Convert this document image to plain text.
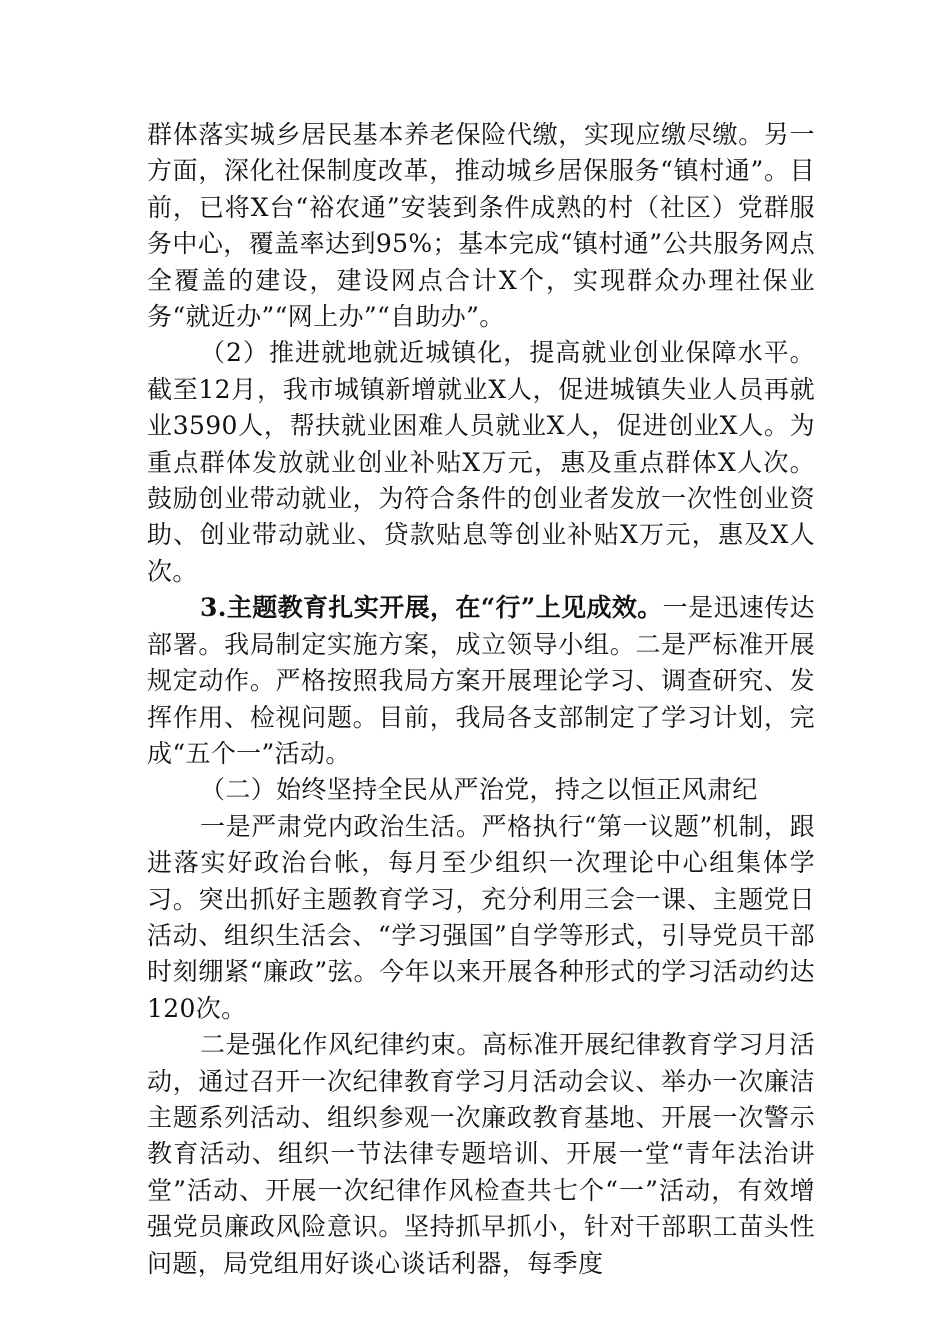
群体落实城乡居民基本养老保险代缴，实现应缴尽缴。另一方面，深化社保制度改革，推动城乡居保服务“镇村通”。目前，已将X台“裕农通”安装到条件成熟的村（社区）党群服务中心，覆盖率达到95%；基本完成“镇村通”公共服务网点全覆盖的建设，建设网点合计X个，实现群众办理社保业务“就近办”“网上办”“自助办”。

（2）推进就地就近城镇化，提高就业创业保障水平。截至12月，我市城镇新增就业X人，促进城镇失业人员再就业3590人，帮扶就业困难人员就业X人，促进创业X人。为重点群体发放就业创业补贴X万元，惠及重点群体X人次。鼓励创业带动就业，为符合条件的创业者发放一次性创业资助、创业带动就业、贷款贴息等创业补贴X万元，惠及X人次。

3.主题教育扎实开展，在“行”上见成效。一是迅速传达部署。我局制定实施方案，成立领导小组。二是严标准开展规定动作。严格按照我局方案开展理论学习、调查研究、发挥作用、检视问题。目前，我局各支部制定了学习计划，完成“五个一”活动。

（二）始终坚持全民从严治党，持之以恒正风肃纪

一是严肃党内政治生活。严格执行“第一议题”机制，跟进落实好政治台帐，每月至少组织一次理论中心组集体学习。突出抓好主题教育学习，充分利用三会一课、主题党日活动、组织生活会、“学习强国”自学等形式，引导党员干部时刻绷紧“廉政”弦。今年以来开展各种形式的学习活动约达120次。

二是强化作风纪律约束。高标准开展纪律教育学习月活动，通过召开一次纪律教育学习月活动会议、举办一次廉洁主题系列活动、组织参观一次廉政教育基地、开展一次警示教育活动、组织一节法律专题培训、开展一堂“青年法治讲堂”活动、开展一次纪律作风检查共七个“一”活动，有效增强党员廉政风险意识。坚持抓早抓小，针对干部职工苗头性问题，局党组用好谈心谈话利器，每季度
